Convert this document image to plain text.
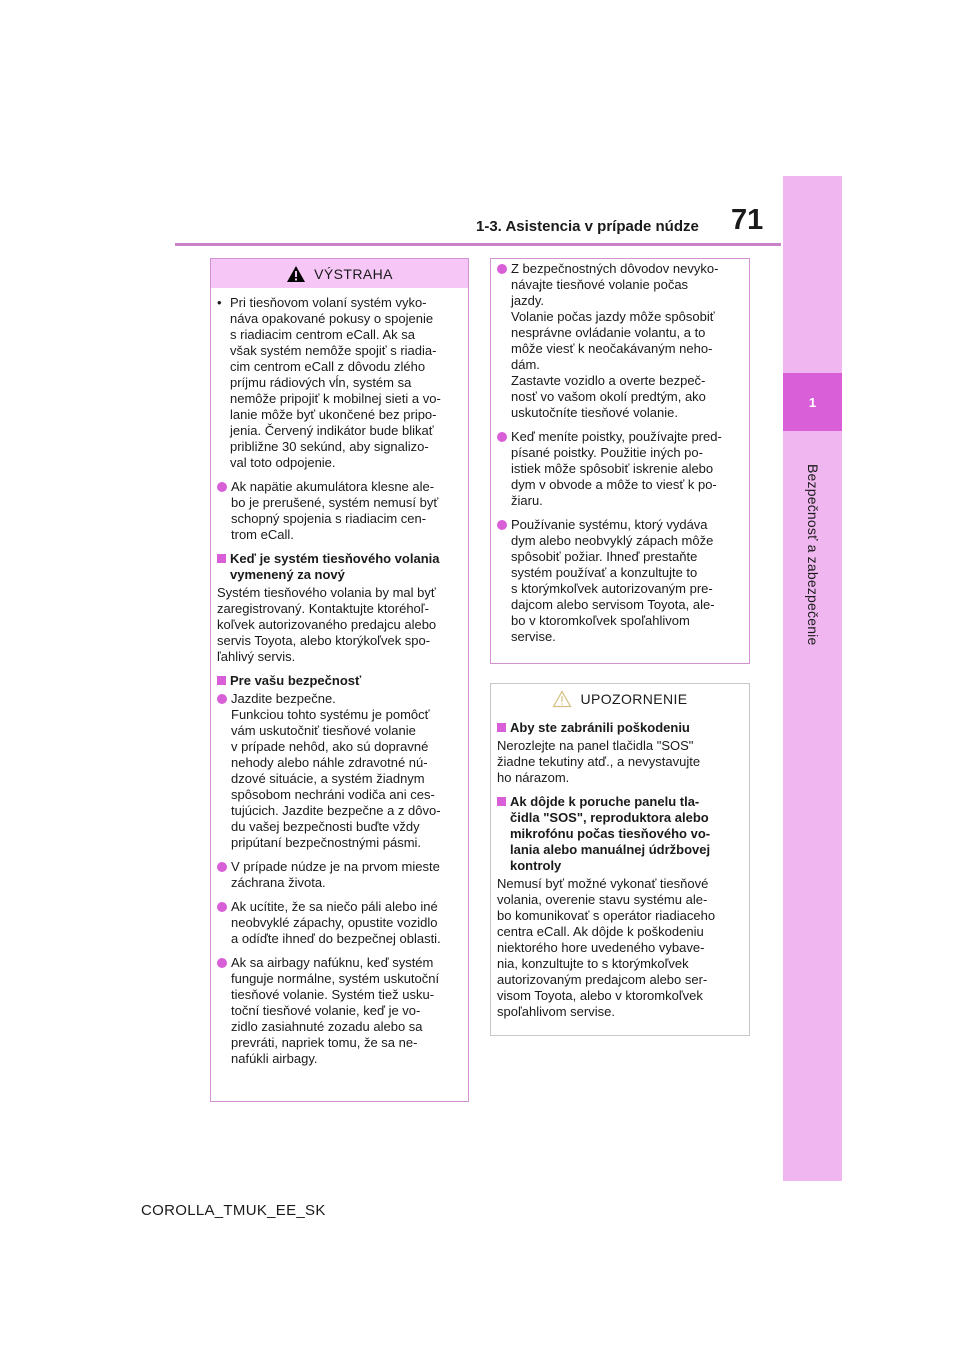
1-3. Asistencia v prípade núdze 71
1
Bezpečnosť a zabezpečenie
VÝSTRAHA
• Pri tiesňovom volaní systém vyko-
náva opakované pokusy o spojenie
s riadiacim centrom eCall. Ak sa
však systém nemôže spojiť s riadia-
cim centrom eCall z dôvodu zlého
príjmu rádiových vĺn, systém sa
nemôže pripojiť k mobilnej sieti a vo-
lanie môže byť ukončené bez pripo-
jenia. Červený indikátor bude blikať
približne 30 sekúnd, aby signalizo-
val toto odpojenie.
Ak napätie akumulátora klesne ale-
bo je prerušené, systém nemusí byť
schopný spojenia s riadiacim cen-
trom eCall.
Keď je systém tiesňového volania
vymenený za nový
Systém tiesňového volania by mal byť
zaregistrovaný. Kontaktujte ktoréhoľ-
koľvek autorizovaného predajcu alebo
servis Toyota, alebo ktorýkoľvek spo-
ľahlivý servis.
Pre vašu bezpečnosť
Jazdite bezpečne.
Funkciou tohto systému je pomôcť
vám uskutočniť tiesňové volanie
v prípade nehôd, ako sú dopravné
nehody alebo náhle zdravotné nú-
dzové situácie, a systém žiadnym
spôsobom nechráni vodiča ani ces-
tujúcich. Jazdite bezpečne a z dôvo-
du vašej bezpečnosti buďte vždy
pripútaní bezpečnostnými pásmi.
V prípade núdze je na prvom mieste
záchrana života.
Ak ucítite, že sa niečo páli alebo iné
neobvyklé zápachy, opustite vozidlo
a odíďte ihneď do bezpečnej oblasti.
Ak sa airbagy nafúknu, keď systém
funguje normálne, systém uskutoční
tiesňové volanie. Systém tiež usku-
toční tiesňové volanie, keď je vo-
zidlo zasiahnuté zozadu alebo sa
prevráti, napriek tomu, že sa ne-
nafúkli airbagy.
Z bezpečnostných dôvodov nevyko-
návajte tiesňové volanie počas
jazdy.
Volanie počas jazdy môže spôsobiť
nesprávne ovládanie volantu, a to
môže viesť k neočakávaným neho-
dám.
Zastavte vozidlo a overte bezpeč-
nosť vo vašom okolí predtým, ako
uskutočníte tiesňové volanie.
Keď meníte poistky, používajte pred-
písané poistky. Použitie iných po-
istiek môže spôsobiť iskrenie alebo
dym v obvode a môže to viesť k po-
žiaru.
Používanie systému, ktorý vydáva
dym alebo neobvyklý zápach môže
spôsobiť požiar. Ihneď prestaňte
systém používať a konzultujte to
s ktorýmkoľvek autorizovaným pre-
dajcom alebo servisom Toyota, ale-
bo v ktoromkoľvek spoľahlivom
servise.
UPOZORNENIE
Aby ste zabránili poškodeniu
Nerozlejte na panel tlačidla "SOS"
žiadne tekutiny atď., a nevystavujte
ho nárazom.
Ak dôjde k poruche panelu tla-
čidla "SOS", reproduktora alebo
mikrofónu počas tiesňového vo-
lania alebo manuálnej údržbovej
kontroly
Nemusí byť možné vykonať tiesňové
volania, overenie stavu systému ale-
bo komunikovať s operátor riadiaceho
centra eCall. Ak dôjde k poškodeniu
niektorého hore uvedeného vybave-
nia, konzultujte to s ktorýmkoľvek
autorizovaným predajcom alebo ser-
visom Toyota, alebo v ktoromkoľvek
spoľahlivom servise.
COROLLA_TMUK_EE_SK
